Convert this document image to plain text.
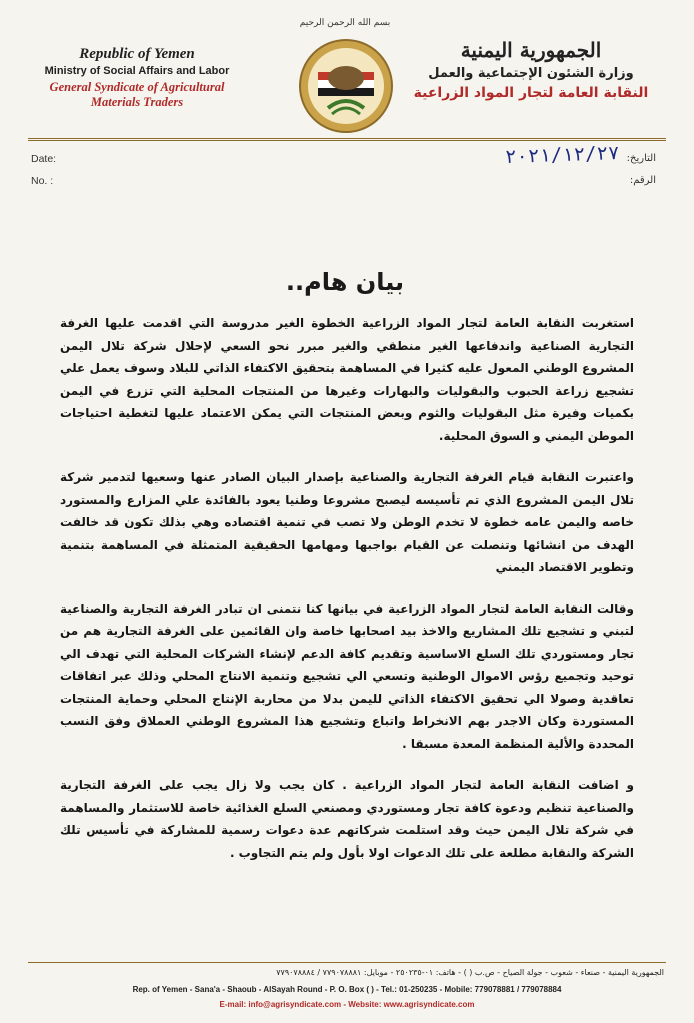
بسم الله الرحمن الرحيم
Republic of Yemen
Ministry of Social Affairs and Labor
General Syndicate of Agricultural Materials Traders
الجمهورية اليمنية
وزارة الشئون الإجتماعية والعمل
النقابة العامة لتجار المواد الزراعية
Date:
No. :
التاريخ:
الرقم:
٢٠٢١/١٢/٢٧
بيان هام..

استغربت النقابة العامة لتجار المواد الزراعية الخطوة الغير مدروسة التي اقدمت عليها الغرفة التجارية الصناعية واندفاعها الغير منطقي والغير مبرر نحو السعي لإحلال شركة تلال اليمن المشروع الوطني المعول عليه كثيرا في المساهمة بتحقيق الاكتفاء الذاتي للبلاد وسوف يعمل علي تشجيع زراعة الحبوب والبقوليات والبهارات وغيرها من المنتجات المحلية التي تزرع في اليمن بكميات وفيرة مثل البقوليات والثوم وبعض المنتجات التي يمكن الاعتماد عليها لتغطية احتياجات الموطن اليمني و السوق المحلية.

واعتبرت النقابة قيام الغرفة التجارية والصناعية بإصدار البيان الصادر عنها وسعيها لتدمير شركة تلال اليمن المشروع الذي تم تأسيسه ليصبح مشروعا وطنيا يعود بالفائدة علي المزارع والمستورد خاصه واليمن عامه خطوة لا تخدم الوطن ولا تصب في تنمية اقتصاده وهي بذلك تكون قد خالفت الهدف من انشائها وتنصلت عن القيام بواجبها ومهامها الحقيقية المتمثلة في المساهمة بتنمية وتطوير الاقتصاد اليمني

وقالت النقابة العامة لتجار المواد الزراعية في بيانها كنا نتمنى ان تبادر الغرفة التجارية والصناعية لتبني و تشجيع تلك المشاريع والاخذ بيد اصحابها خاصة وان القائمين على الغرفة التجارية هم من تجار ومستوردي تلك السلع الاساسية وتقديم كافة الدعم لإنشاء الشركات المحلية التي تهدف الي توحيد وتجميع رؤس الاموال الوطنية وتسعي الي تشجيع وتنمية الانتاج المحلي وذلك عبر اتفاقات تعاقدية وصولا الي تحقيق الاكتفاء الذاتي لليمن بدلا من محاربة الإنتاج المحلي وحماية المنتجات المستوردة وكان الاجدر بهم الانخراط واتباع وتشجيع هذا المشروع الوطني العملاق وفق النسب المحددة والألية المنظمة المعدة مسبقا .

و اضافت النقابة العامة لتجار المواد الزراعية . كان يجب ولا زال يجب على الغرفة التجارية والصناعية تنظيم ودعوة كافة تجار ومستوردي ومصنعي السلع الغذائية خاصة للاستثمار والمساهمة في شركة تلال اليمن حيث وقد استلمت شركاتهم عدة دعوات رسمية للمشاركة في تأسيس تلك الشركة والنقابة مطلعة على تلك الدعوات اولا بأول ولم يتم التجاوب .

الجمهورية اليمنية - صنعاء - شعوب - جولة الصياح - ص.ب ( ) - هاتف: ٠١-٢٥٠٢٣٥ - موبايل: ٧٧٩٠٧٨٨٨١ / ٧٧٩٠٧٨٨٨٤
Rep. of Yemen - Sana'a - Shaoub - AlSayah Round - P. O. Box ( ) - Tel.: 01-250235 - Mobile: 779078881 / 779078884
E-mail: info@agrisyndicate.com - Website: www.agrisyndicate.com
